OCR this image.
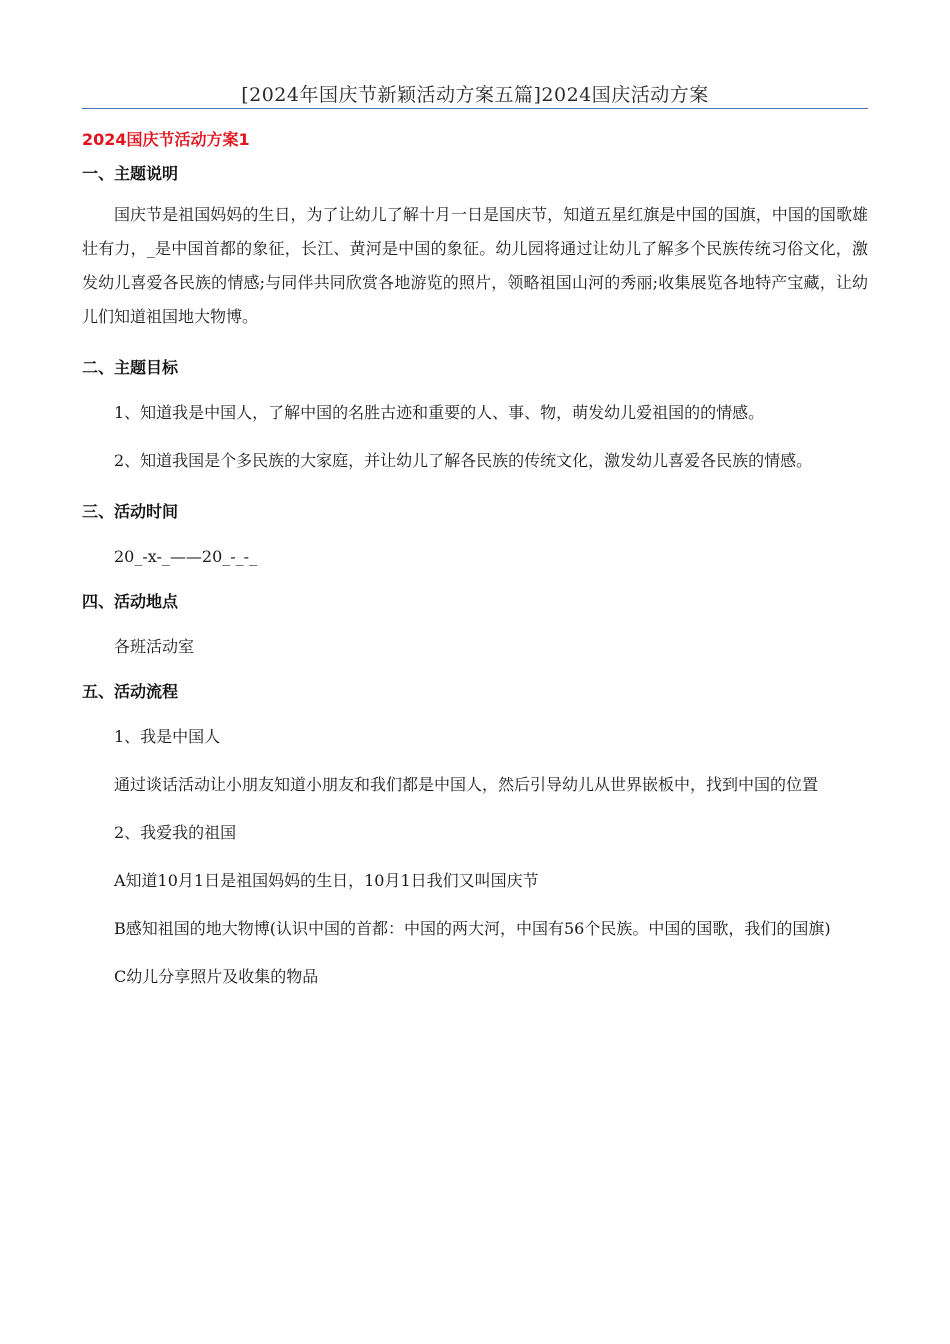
[2024年国庆节新颖活动方案五篇]2024国庆活动方案
2024国庆节活动方案1
一、主题说明

国庆节是祖国妈妈的生日，为了让幼儿了解十月一日是国庆节，知道五星红旗是中国的国旗，中国的国歌雄壮有力，_是中国首都的象征，长江、黄河是中国的象征。幼儿园将通过让幼儿了解多个民族传统习俗文化，激发幼儿喜爱各民族的情感;与同伴共同欣赏各地游览的照片，领略祖国山河的秀丽;收集展览各地特产宝藏，让幼儿们知道祖国地大物博。

二、主题目标

1、知道我是中国人，了解中国的名胜古迹和重要的人、事、物，萌发幼儿爱祖国的的情感。

2、知道我国是个多民族的大家庭，并让幼儿了解各民族的传统文化，激发幼儿喜爱各民族的情感。

三、活动时间

20_-x-_——20_-_-_

四、活动地点

各班活动室

五、活动流程

1、我是中国人

通过谈话活动让小朋友知道小朋友和我们都是中国人，然后引导幼儿从世界嵌板中，找到中国的位置

2、我爱我的祖国

A知道10月1日是祖国妈妈的生日，10月1日我们又叫国庆节

B感知祖国的地大物博(认识中国的首都：中国的两大河，中国有56个民族。中国的国歌，我们的国旗)

C幼儿分享照片及收集的物品
